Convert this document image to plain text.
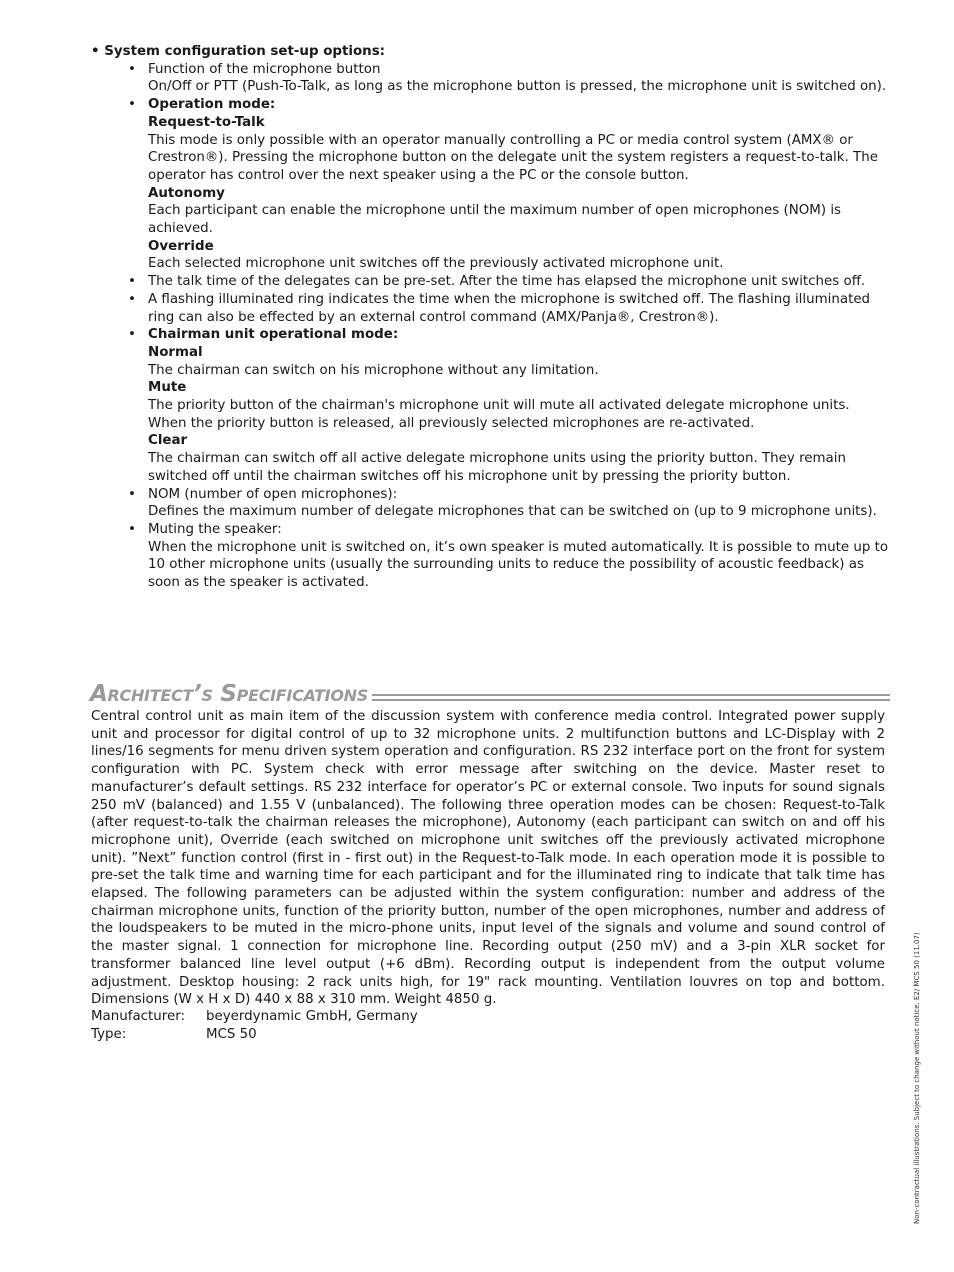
• System configuration set-up options:
• Function of the microphone button
On/Off or PTT (Push-To-Talk, as long as the microphone button is pressed, the microphone unit is switched on).
• Operation mode:
Request-to-Talk
This mode is only possible with an operator manually controlling a PC or media control system (AMX® or Crestron®). Pressing the microphone button on the delegate unit the system registers a request-to-talk. The operator has control over the next speaker using a the PC or the console button.
Autonomy
Each participant can enable the microphone until the maximum number of open microphones (NOM) is achieved.
Override
Each selected microphone unit switches off the previously activated microphone unit.
• The talk time of the delegates can be pre-set. After the time has elapsed the microphone unit switches off.
• A flashing illuminated ring indicates the time when the microphone is switched off. The flashing illuminated ring can also be effected by an external control command (AMX/Panja®, Crestron®).
• Chairman unit operational mode:
Normal
The chairman can switch on his microphone without any limitation.
Mute
The priority button of the chairman's microphone unit will mute all activated delegate microphone units. When the priority button is released, all previously selected microphones are re-activated.
Clear
The chairman can switch off all active delegate microphone units using the priority button. They remain switched off until the chairman switches off his microphone unit by pressing the priority button.
• NOM (number of open microphones):
Defines the maximum number of delegate microphones that can be switched on (up to 9 microphone units).
• Muting the speaker:
When the microphone unit is switched on, it’s own speaker is muted automatically. It is possible to mute up to 10 other microphone units (usually the surrounding units to reduce the possibility of acoustic feedback) as soon as the speaker is activated.
Architect’s Specifications

Central control unit as main item of the discussion system with conference media control. Integrated power supply unit and processor for digital control of up to 32 microphone units. 2 multifunction buttons and LC-Display with 2 lines/16 segments for menu driven system operation and configuration. RS 232 interface port on the front for system configuration with PC. System check with error message after switching on the device. Master reset to manufacturer’s default settings. RS 232 interface for operator’s PC or external console. Two inputs for sound signals 250 mV (balanced) and 1.55 V (unbalanced). The following three operation modes can be chosen: Request-to-Talk (after request-to-talk the chairman releases the microphone), Autonomy (each participant can switch on and off his microphone unit), Override (each switched on microphone unit switches off the previously activated microphone unit). ”Next” function control (first in - first out) in the Request-to-Talk mode. In each operation mode it is possible to pre-set the talk time and warning time for each participant and for the illuminated ring to indicate that talk time has elapsed. The following parameters can be adjusted within the system configuration: number and address of the chairman microphone units, function of the priority button, number of the open microphones, number and address of the loudspeakers to be muted in the micro-phone units, input level of the signals and volume and sound control of the master signal. 1 connection for microphone line. Recording output (250 mV) and a 3-pin XLR socket for transformer balanced line level output (+6 dBm). Recording output is independent from the output volume adjustment. Desktop housing: 2 rack units high, for 19" rack mounting. Ventilation louvres on top and bottom. Dimensions (W x H x D) 440 x 88 x 310 mm. Weight 4850 g.

Manufacturer:	beyerdynamic GmbH, Germany
Type:	MCS 50	Non-contractual illustrations. Subject to change without notice. E2/ MCS 50 (11.07)
